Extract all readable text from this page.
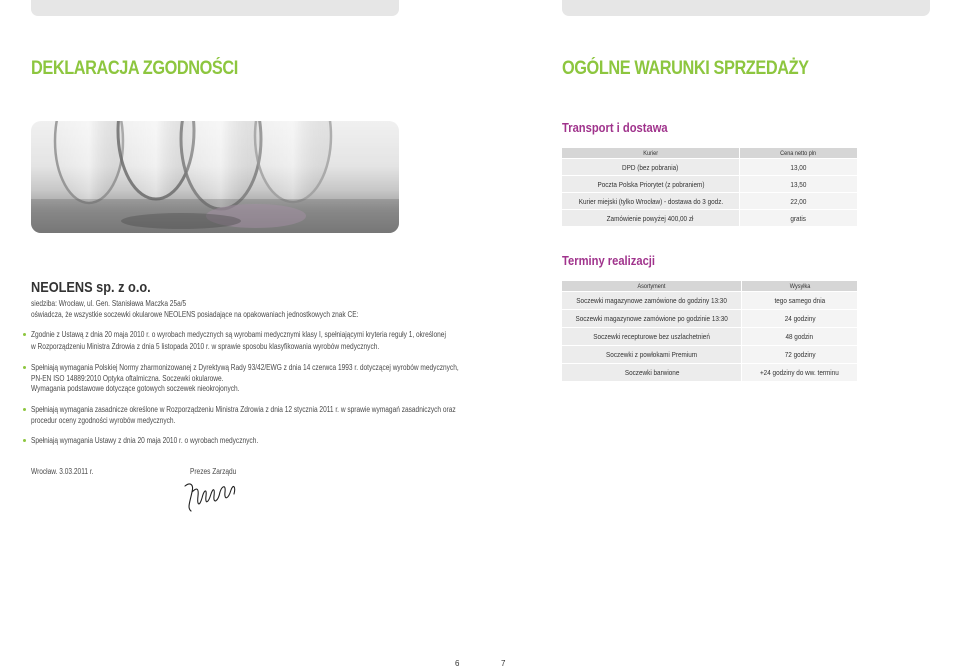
DEKLARACJA ZGODNOŚCI
NEOLENS sp. z o.o.
siedziba: Wrocław, ul. Gen. Stanisława Maczka 25a/5
oświadcza, że wszystkie soczewki okularowe NEOLENS posiadające na opakowaniach jednostkowych znak CE:
Zgodnie z Ustawą z dnia 20 maja 2010 r. o wyrobach medycznych są wyrobami medycznymi klasy I, spełniającymi kryteria reguły 1, określonej
w Rozporządzeniu Ministra Zdrowia z dnia 5 listopada 2010 r. w sprawie sposobu klasyfikowania wyrobów medycznych.
Spełniają wymagania Polskiej Normy zharmonizowanej z Dyrektywą Rady 93/42/EWG z dnia 14 czerwca 1993 r. dotyczącej wyrobów medycznych,
PN-EN ISO 14889:2010 Optyka oftalmiczna. Soczewki okularowe.
Wymagania podstawowe dotyczące gotowych soczewek nieokrojonych.
Spełniają wymagania zasadnicze określone w Rozporządzeniu Ministra Zdrowia z dnia 12 stycznia 2011 r. w sprawie wymagań zasadniczych oraz
procedur oceny zgodności wyrobów medycznych.
Spełniają wymagania Ustawy z dnia 20 maja 2010 r. o wyrobach medycznych.
Wrocław. 3.03.2011 r.	Prezes Zarządu
6
OGÓLNE WARUNKI SPRZEDAŻY
Transport i dostawa
Kurier	Cena netto pln
DPD (bez pobrania)	13,00
Poczta Polska Priorytet (z pobraniem)	13,50
Kurier miejski (tylko Wrocław) - dostawa do 3 godz.	22,00
Zamówienie powyżej 400,00 zł	gratis
Terminy realizacji
Asortyment	Wysyłka
Soczewki magazynowe zamówione do godziny 13:30	tego samego dnia
Soczewki magazynowe zamówione po godzinie 13:30	24 godziny
Soczewki recepturowe bez uszlachetnień	48 godzin
Soczewki z powłokami Premium	72 godziny
Soczewki barwione	+24 godziny do ww. terminu
7
